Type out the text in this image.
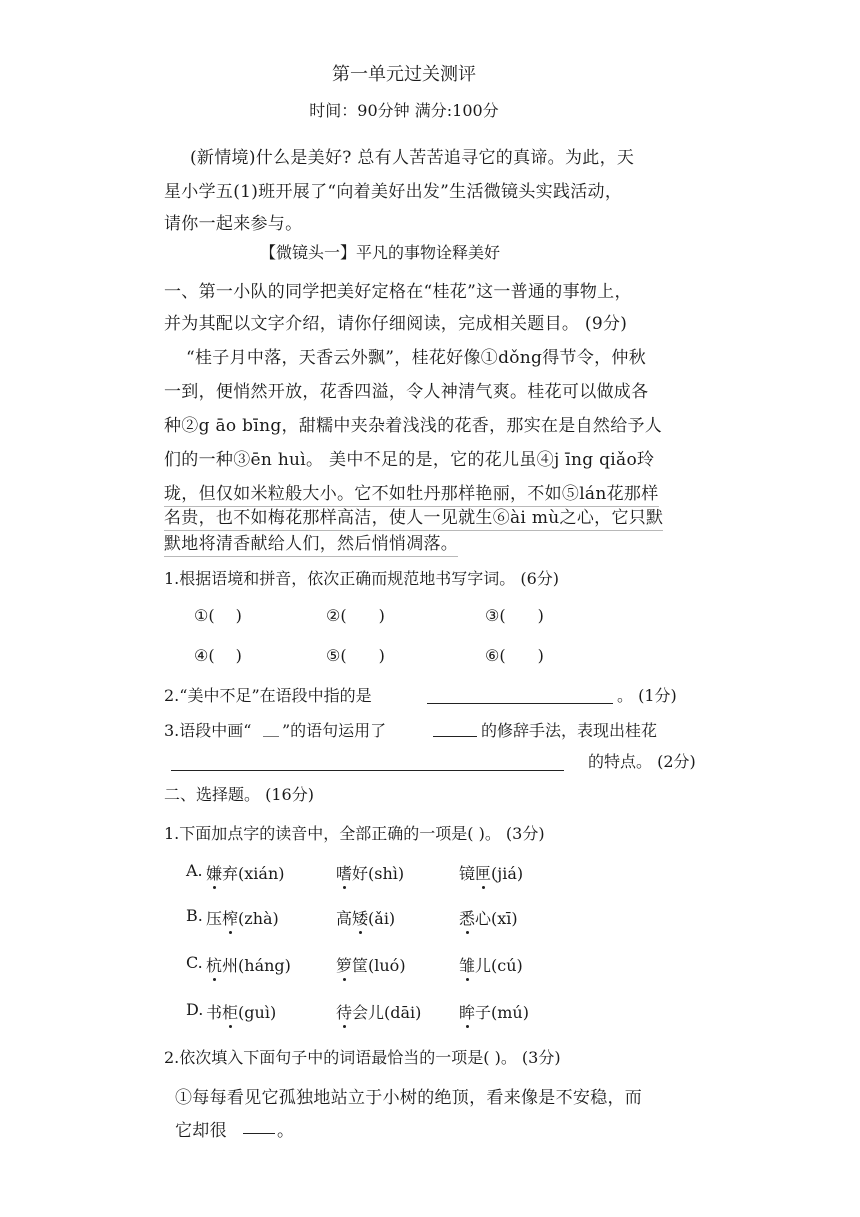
第一单元过关测评
时间：90分钟 满分:100分
(新情境)什么是美好? 总有人苦苦追寻它的真谛。为此，天
星小学五(1)班开展了“向着美好出发”生活微镜头实践活动，
请你一起来参与。
【微镜头一】平凡的事物诠释美好
一、第一小队的同学把美好定格在“桂花”这一普通的事物上，
并为其配以文字介绍，请你仔细阅读，完成相关题目。 (9分)
“桂子月中落，天香云外飘”，桂花好像①dǒng得节令，仲秋
一到，便悄然开放，花香四溢，令人神清气爽。桂花可以做成各
种②g āo bīng，甜糯中夹杂着浅浅的花香，那实在是自然给予人
们的一种③ēn huì。 美中不足的是，它的花儿虽④j īng qiǎo玲
珑，但仅如米粒般大小。它不如牡丹那样艳丽，不如⑤lán花那样
名贵，也不如梅花那样高洁，使人一见就生⑥ài mù之心，它只默
默地将清香献给人们，然后悄悄凋落。
1.根据语境和拼音，依次正确而规范地书写字词。 (6分)
①(　 )	②(　　)	③(　　)
④(　 )	⑤(　　)	⑥(　　)
2.“美中不足”在语段中指的是	。 (1分)
3.语段中画“ __ ”的语句运用了	的修辞手法，表现出桂花
的特点。 (2分)
二、选择题。 (16分)
1.下面加点字的读音中，全部正确的一项是( )。 (3分)
A. 嫌弃(xián)	嗜好(shì)	镜匣(jiá)
B. 压榨(zhà)	高矮(ǎi)	悉心(xī)
C. 杭州(háng)	箩筐(luó)	雏儿(cú)
D. 书柜(guì)	待会儿(dāi) 眸子(mú)
2.依次填入下面句子中的词语最恰当的一项是( )。 (3分)
①每每看见它孤独地站立于小树的绝顶，看来像是不安稳，而
它却很	。
